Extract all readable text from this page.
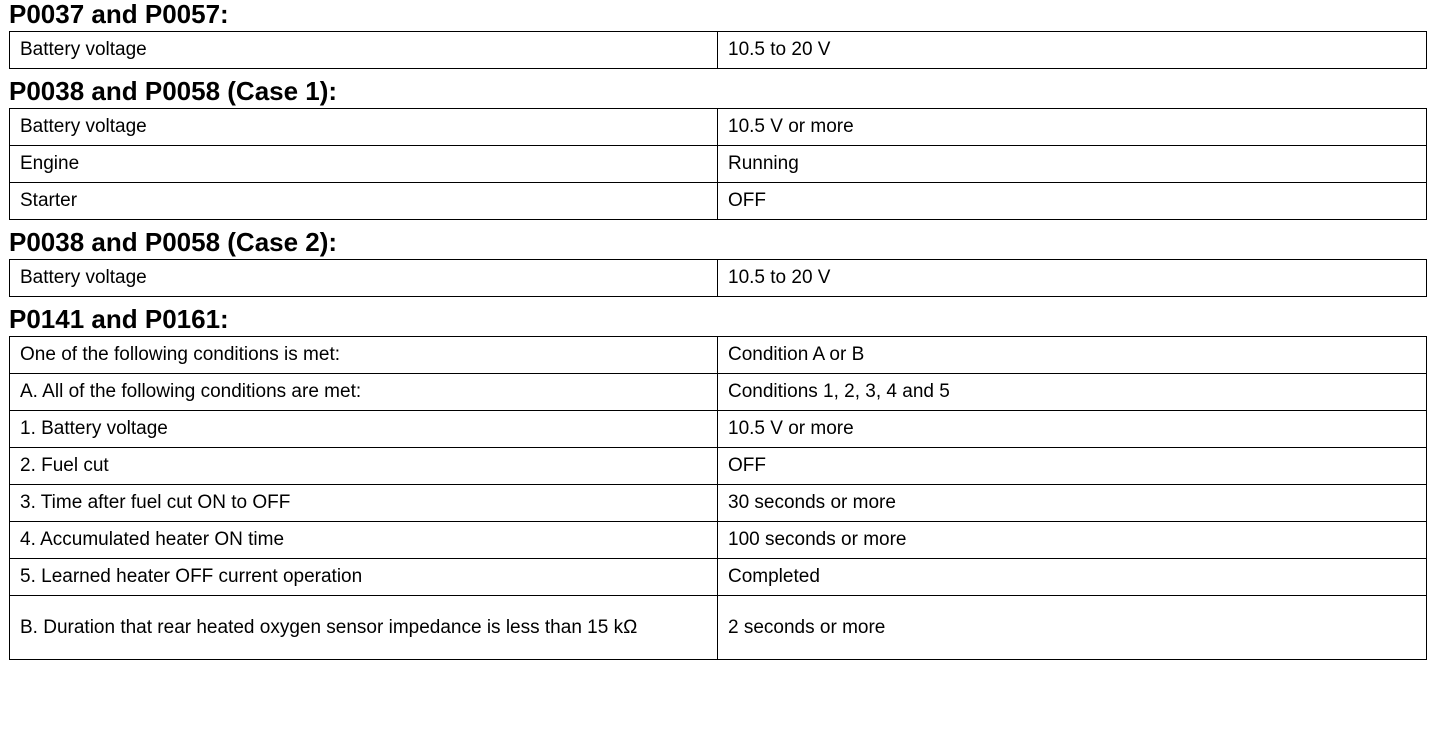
P0037 and P0057:
Battery voltage	10.5 to 20 V
P0038 and P0058 (Case 1):
Battery voltage	10.5 V or more
Engine	Running
Starter	OFF
P0038 and P0058 (Case 2):
Battery voltage	10.5 to 20 V
P0141 and P0161:
One of the following conditions is met:	Condition A or B
A. All of the following conditions are met:	Conditions 1, 2, 3, 4 and 5
1. Battery voltage	10.5 V or more
2. Fuel cut	OFF
3. Time after fuel cut ON to OFF	30 seconds or more
4. Accumulated heater ON time	100 seconds or more
5. Learned heater OFF current operation	Completed
B. Duration that rear heated oxygen sensor impedance is less than 15 kΩ	2 seconds or more
